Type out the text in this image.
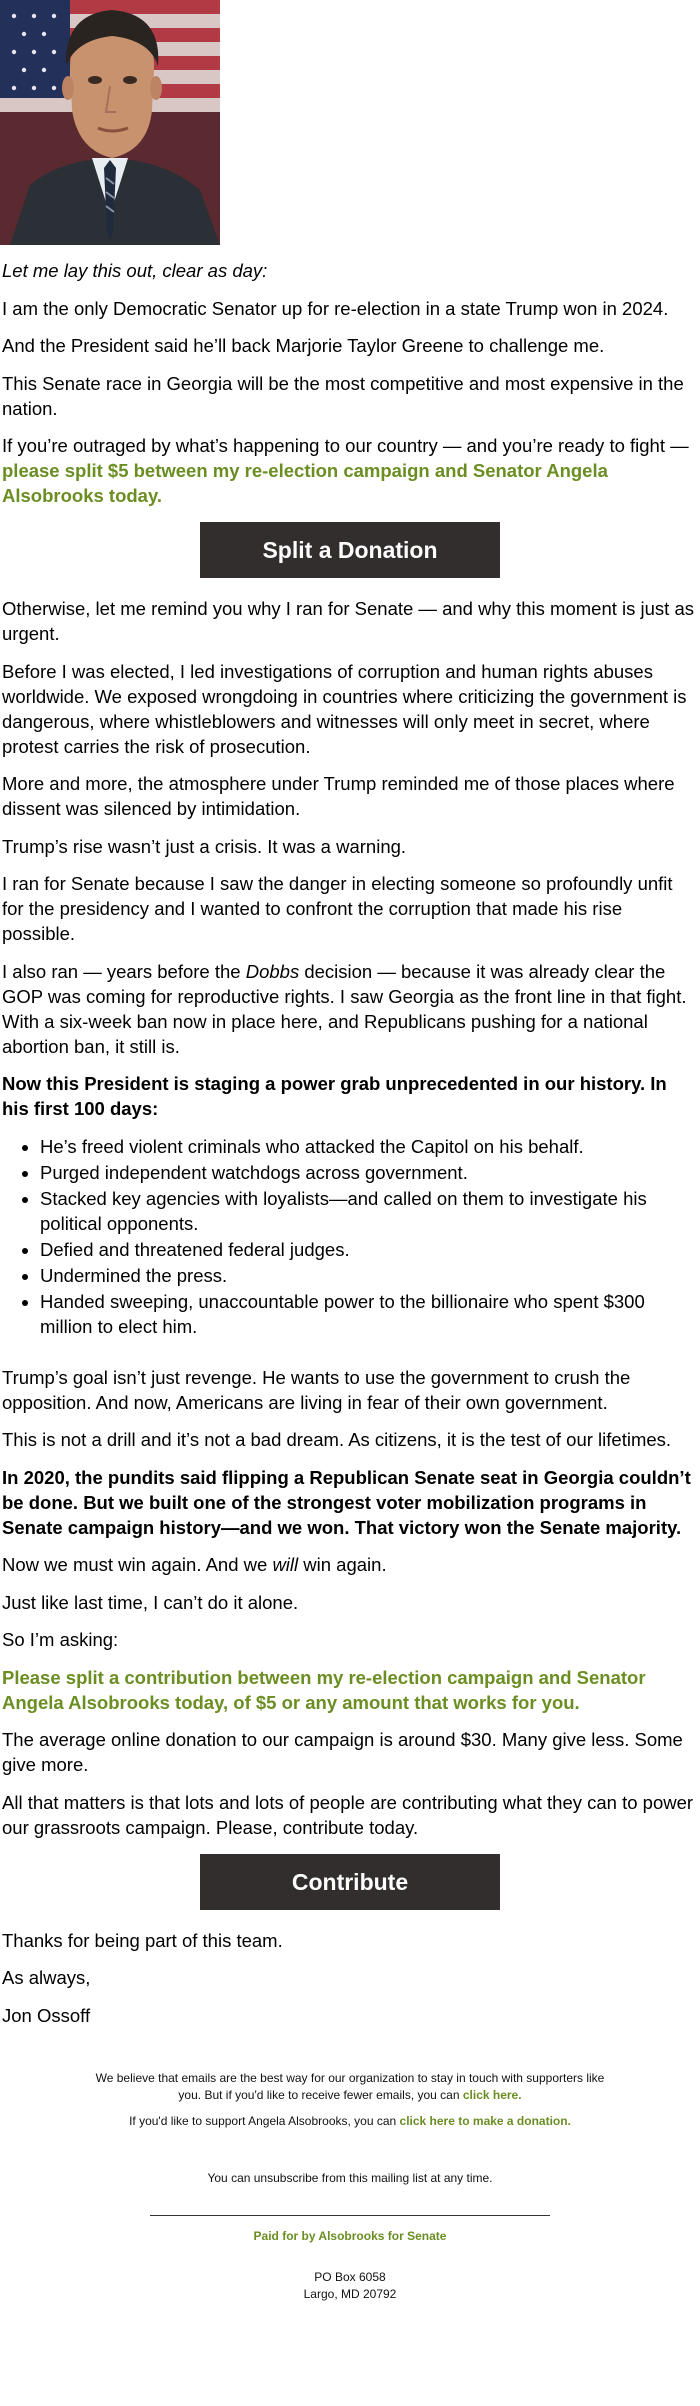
Let me lay this out, clear as day:

I am the only Democratic Senator up for re-election in a state Trump won in 2024.

And the President said he’ll back Marjorie Taylor Greene to challenge me.

This Senate race in Georgia will be the most competitive and most expensive in the nation.

If you’re outraged by what’s happening to our country — and you’re ready to fight — please split $5 between my re-election campaign and Senator Angela Alsobrooks today.

Split a Donation

Otherwise, let me remind you why I ran for Senate — and why this moment is just as urgent.

Before I was elected, I led investigations of corruption and human rights abuses worldwide. We exposed wrongdoing in countries where criticizing the government is dangerous, where whistleblowers and witnesses will only meet in secret, where protest carries the risk of prosecution.

More and more, the atmosphere under Trump reminded me of those places where dissent was silenced by intimidation.

Trump’s rise wasn’t just a crisis. It was a warning.

I ran for Senate because I saw the danger in electing someone so profoundly unfit for the presidency and I wanted to confront the corruption that made his rise possible.

I also ran — years before the Dobbs decision — because it was already clear the GOP was coming for reproductive rights. I saw Georgia as the front line in that fight. With a six-week ban now in place here, and Republicans pushing for a national abortion ban, it still is.

Now this President is staging a power grab unprecedented in our history. In his first 100 days:

• He’s freed violent criminals who attacked the Capitol on his behalf.
• Purged independent watchdogs across government.
• Stacked key agencies with loyalists—and called on them to investigate his political opponents.
• Defied and threatened federal judges.
• Undermined the press.
• Handed sweeping, unaccountable power to the billionaire who spent $300 million to elect him.

Trump’s goal isn’t just revenge. He wants to use the government to crush the opposition. And now, Americans are living in fear of their own government.

This is not a drill and it’s not a bad dream. As citizens, it is the test of our lifetimes.

In 2020, the pundits said flipping a Republican Senate seat in Georgia couldn’t be done. But we built one of the strongest voter mobilization programs in Senate campaign history—and we won. That victory won the Senate majority.

Now we must win again. And we will win again.

Just like last time, I can’t do it alone.

So I’m asking:

Please split a contribution between my re-election campaign and Senator Angela Alsobrooks today, of $5 or any amount that works for you.

The average online donation to our campaign is around $30. Many give less. Some give more.

All that matters is that lots and lots of people are contributing what they can to power our grassroots campaign. Please, contribute today.

Contribute

Thanks for being part of this team.

As always,

Jon Ossoff

We believe that emails are the best way for our organization to stay in touch with supporters like you. But if you'd like to receive fewer emails, you can click here.

If you'd like to support Angela Alsobrooks, you can click here to make a donation.

You can unsubscribe from this mailing list at any time.

Paid for by Alsobrooks for Senate

PO Box 6058

Largo, MD 20792
